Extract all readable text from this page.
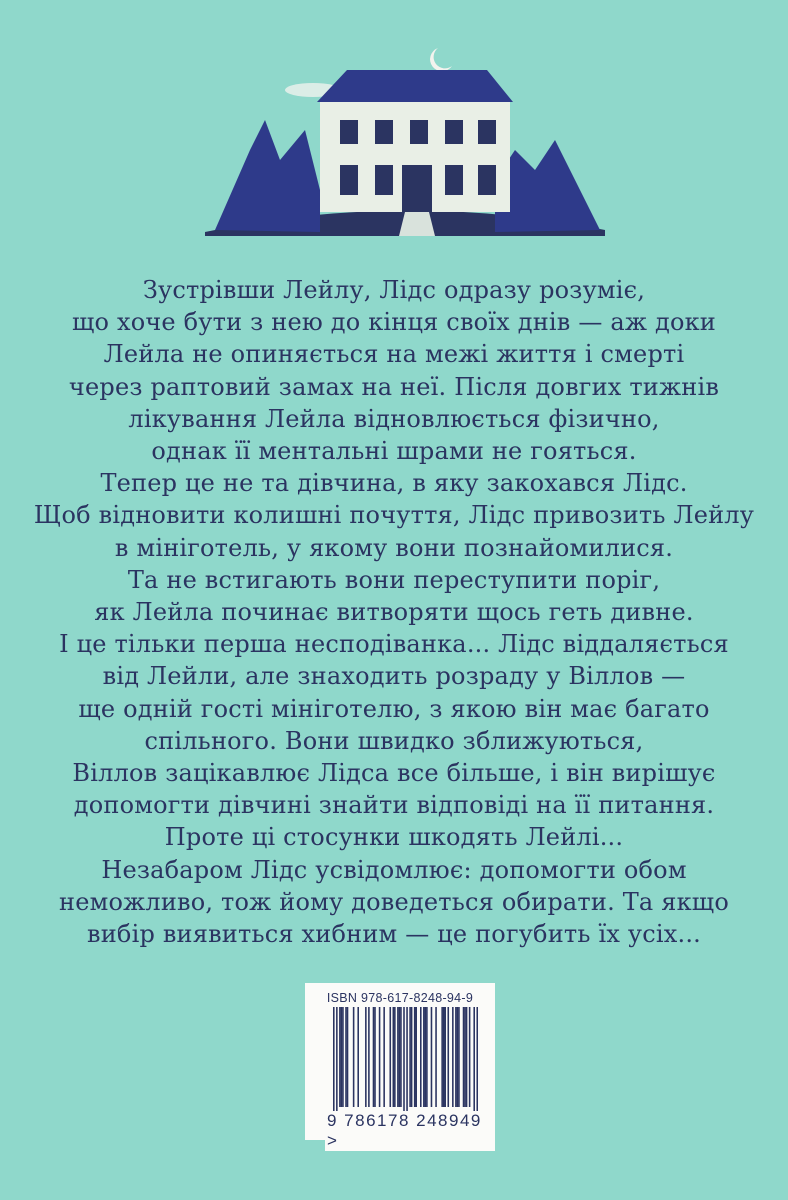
Зустрівши Лейлу, Лідс одразу розуміє,
що хоче бути з нею до кінця своїх днів — аж доки
Лейла не опиняється на межі життя і смерті
через раптовий замах на неї. Після довгих тижнів
лікування Лейла відновлюється фізично,
однак її ментальні шрами не гояться.
Тепер це не та дівчина, в яку закохався Лідс.
Щоб відновити колишні почуття, Лідс привозить Лейлу
в мініготель, у якому вони познайомилися.
Та не встигають вони переступити поріг,
як Лейла починає витворяти щось геть дивне.
І це тільки перша несподіванка... Лідс віддаляється
від Лейли, але знаходить розраду у Віллов —
ще одній гості мініготелю, з якою він має багато
спільного. Вони швидко зближуються,
Віллов зацікавлює Лідса все більше, і він вирішує
допомогти дівчині знайти відповіді на її питання.
Проте ці стосунки шкодять Лейлі...
Незабаром Лідс усвідомлює: допомогти обом
неможливо, тож йому доведеться обирати. Та якщо
вибір виявиться хибним — це погубить їх усіх...
ISBN 978-617-8248-94-9
9 786178 248949 >
